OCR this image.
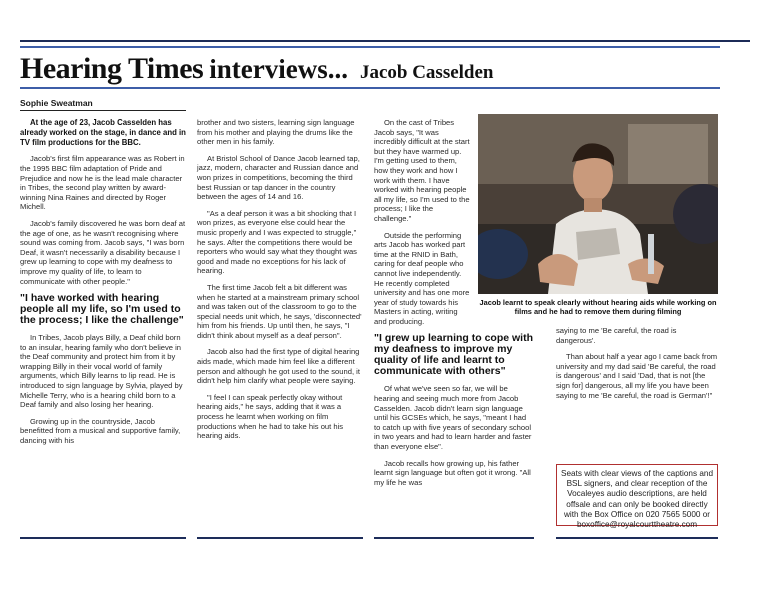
Hearing Times interviews... Jacob Casselden
Sophie Sweatman

At the age of 23, Jacob Casselden has already worked on the stage, in dance and in TV film productions for the BBC.

Jacob's first film appearance was as Robert in the 1995 BBC film adaptation of Pride and Prejudice and now he is the lead male character in Tribes, the second play written by award-winning Nina Raines and directed by Roger Michell.

Jacob's family discovered he was born deaf at the age of one, as he wasn't recognising where sound was coming from. Jacob says, "I was born Deaf, it wasn't necessarily a disability because I grew up learning to cope with my deafness to improve my quality of life, to learn to communicate with other people."

"I have worked with hearing people all my life, so I'm used to the process; I like the challenge"

In Tribes, Jacob plays Billy, a Deaf child born to an insular, hearing family who don't believe in the Deaf community and protect him from it by wrapping Billy in their vocal world of family arguments, which Billy learns to lip read. He is introduced to sign language by Sylvia, played by Michelle Terry, who is a hearing child born to a Deaf family and also losing her hearing.

Growing up in the countryside, Jacob benefitted from a musical and supportive family, dancing with his

brother and two sisters, learning sign language from his mother and playing the drums like the other men in his family.

At Bristol School of Dance Jacob learned tap, jazz, modern, character and Russian dance and won prizes in competitions, becoming the third best Russian or tap dancer in the country between the ages of 14 and 16.

"As a deaf person it was a bit shocking that I won prizes, as everyone else could hear the music properly and I was expected to struggle," he says. After the competitions there would be reporters who would say what they thought was good and made no exceptions for his lack of hearing.

The first time Jacob felt a bit different was when he started at a mainstream primary school and was taken out of the classroom to go to the special needs unit which, he says, 'disconnected' him from his friends. Up until then, he says, "I didn't think about myself as a deaf person".

Jacob also had the first type of digital hearing aids made, which made him feel like a different person and although he got used to the sound, it didn't help him clarify what people were saying.

"I feel I can speak perfectly okay without hearing aids," he says, adding that it was a process he learnt when working on film productions when he had to take his out his hearing aids.

On the cast of Tribes Jacob says, "It was incredibly difficult at the start but they have warmed up. I'm getting used to them, how they work and how I work with them. I have worked with hearing people all my life, so I'm used to the process; I like the challenge."

Outside the performing arts Jacob has worked part time at the RNID in Bath, caring for deaf people who cannot live independently. He recently completed university and has one more year of study towards his Masters in acting, writing and producing.

"I grew up learning to cope with my deafness to improve my quality of life and learnt to communicate with others"

Of what we've seen so far, we will be hearing and seeing much more from Jacob Casselden. Jacob didn't learn sign language until his GCSEs which, he says, "meant I had to catch up with five years of secondary school in two years and had to learn harder and faster than everyone else".

Jacob recalls how growing up, his father learnt sign language but often got it wrong. "All my life he was

Jacob learnt to speak clearly without hearing aids while working on films and he had to remove them during filming

saying to me 'Be careful, the road is dangerous'.

Than about half a year ago I came back from university and my dad said 'Be careful, the road is dangerous' and I said 'Dad, that is not [the sign for] dangerous, all my life you have been saying to me 'Be careful, the road is German'!"

Seats with clear views of the captions and BSL signers, and clear reception of the Vocaleyes audio descriptions, are held offsale and can only be booked directly with the Box Office on 020 7565 5000 or boxoffice@royalcourttheatre.com
